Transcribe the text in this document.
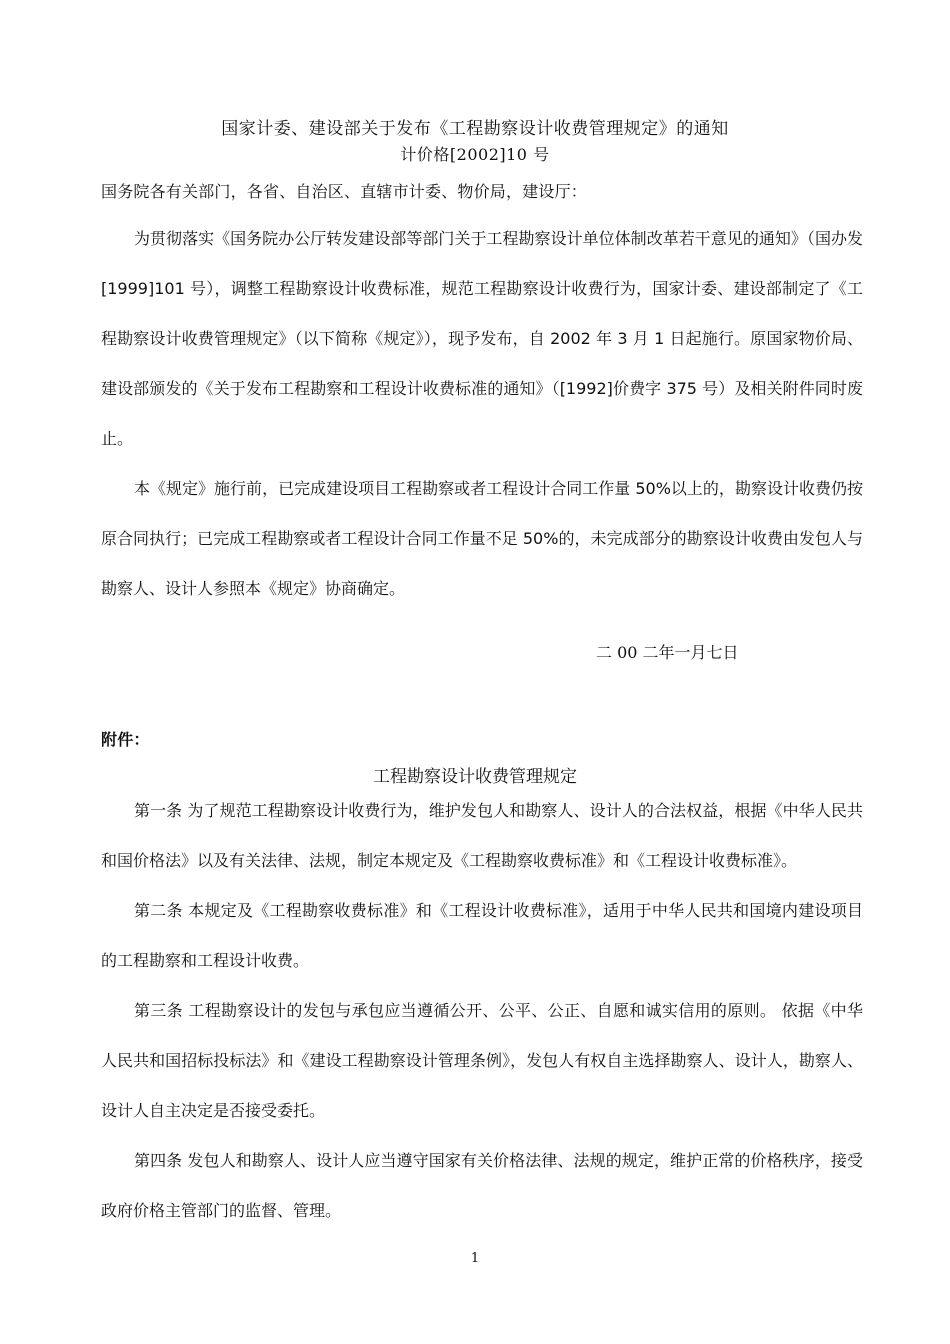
国家计委、建设部关于发布《工程勘察设计收费管理规定》的通知
计价格[2002]10 号
国务院各有关部门，各省、自治区、直辖市计委、物价局，建设厅：
为贯彻落实《国务院办公厅转发建设部等部门关于工程勘察设计单位体制改革若干意见的通知》（国办发[1999]101 号），调整工程勘察设计收费标准，规范工程勘察设计收费行为，国家计委、建设部制定了《工程勘察设计收费管理规定》（以下简称《规定》），现予发布，自 2002 年 3 月 1 日起施行。原国家物价局、建设部颁发的《关于发布工程勘察和工程设计收费标准的通知》（[1992]价费字 375 号）及相关附件同时废止。
本《规定》施行前，已完成建设项目工程勘察或者工程设计合同工作量 50%以上的，勘察设计收费仍按原合同执行；已完成工程勘察或者工程设计合同工作量不足 50%的，未完成部分的勘察设计收费由发包人与勘察人、设计人参照本《规定》协商确定。
二 00 二年一月七日
附件：
工程勘察设计收费管理规定
第一条 为了规范工程勘察设计收费行为，维护发包人和勘察人、设计人的合法权益，根据《中华人民共和国价格法》以及有关法律、法规，制定本规定及《工程勘察收费标准》和《工程设计收费标准》。
第二条 本规定及《工程勘察收费标准》和《工程设计收费标准》，适用于中华人民共和国境内建设项目的工程勘察和工程设计收费。
第三条 工程勘察设计的发包与承包应当遵循公开、公平、公正、自愿和诚实信用的原则。 依据《中华人民共和国招标投标法》和《建设工程勘察设计管理条例》，发包人有权自主选择勘察人、设计人，勘察人、设计人自主决定是否接受委托。
第四条 发包人和勘察人、设计人应当遵守国家有关价格法律、法规的规定，维护正常的价格秩序，接受政府价格主管部门的监督、管理。
1
